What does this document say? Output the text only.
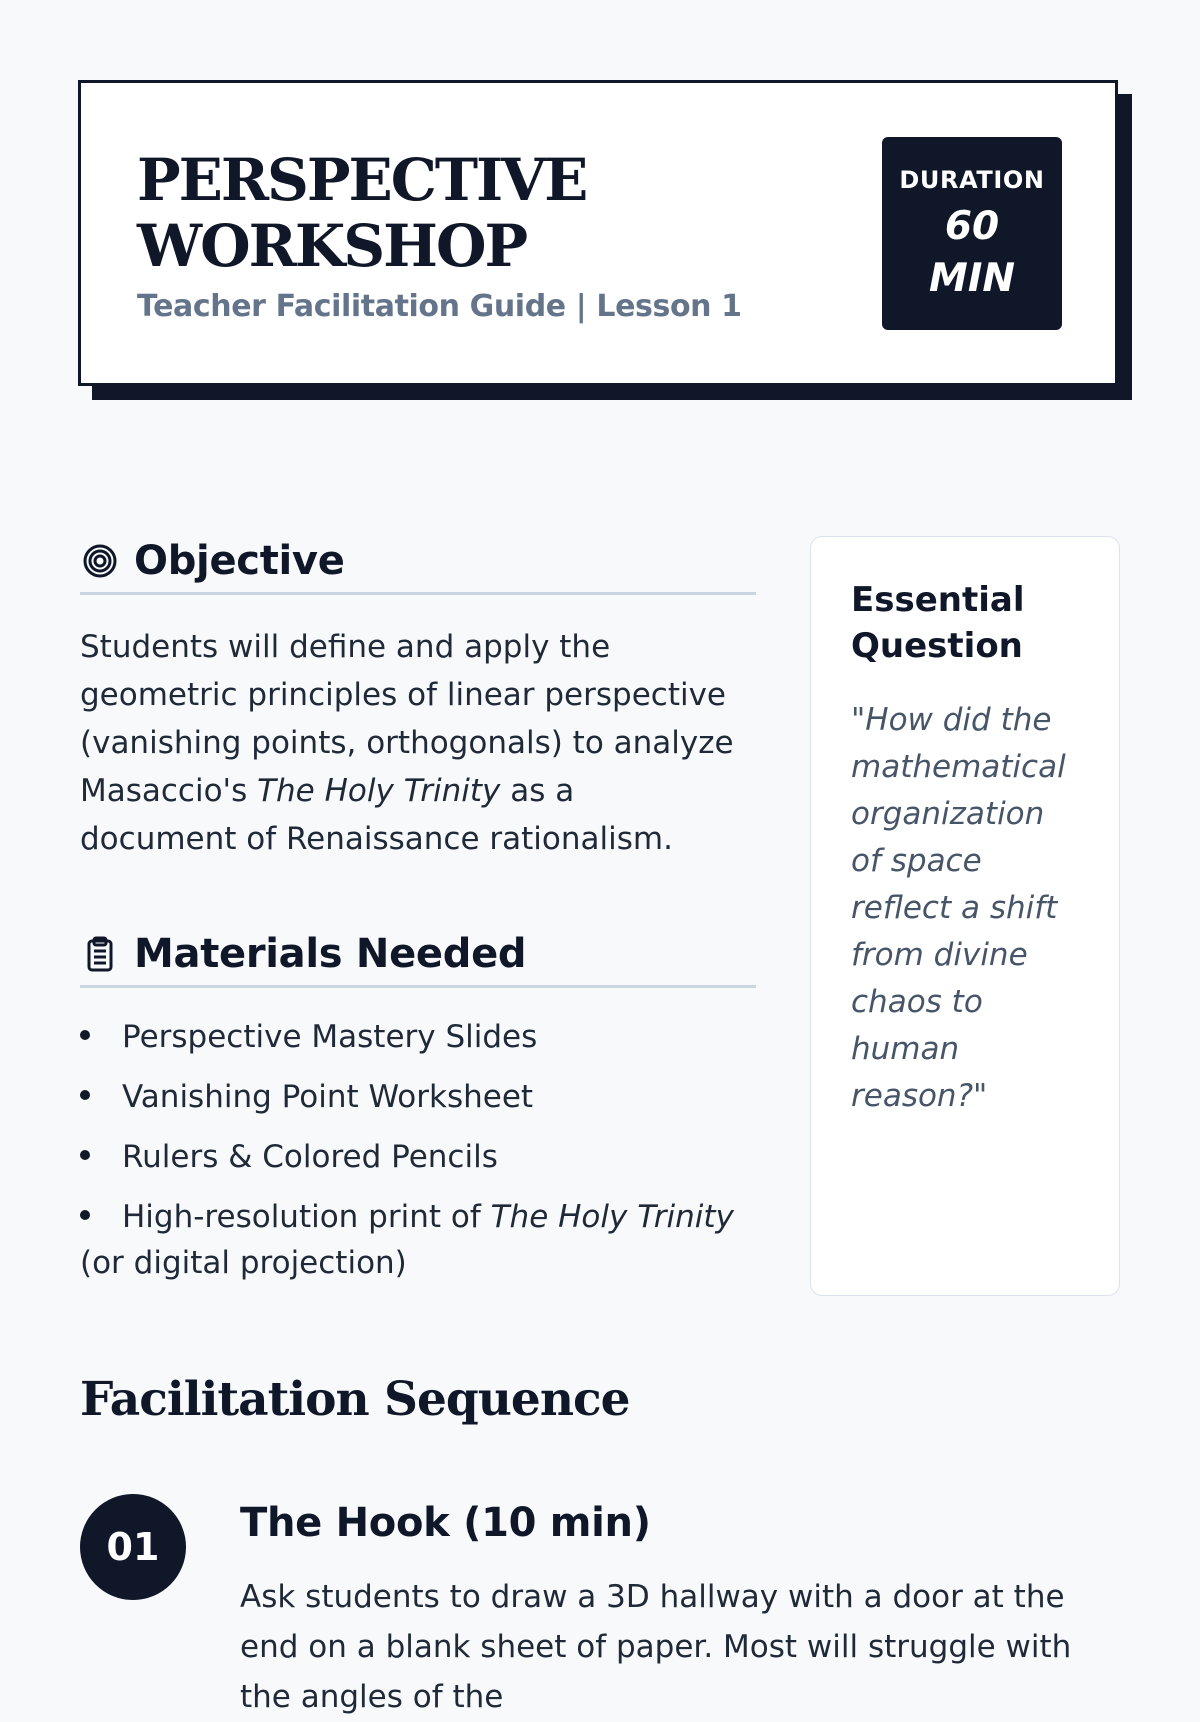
PERSPECTIVE
WORKSHOP

Teacher Facilitation Guide | Lesson 1

DURATION
60 MIN
Objective

Students will define and apply the geometric principles of linear perspective (vanishing points, orthogonals) to analyze Masaccio's The Holy Trinity as a document of Renaissance rationalism.

Materials Needed
Perspective Mastery Slides
Vanishing Point Worksheet
Rulers & Colored Pencils
High-resolution print of The Holy Trinity (or digital projection)
Essential Question

"How did the mathematical organization of space reflect a shift from divine chaos to human reason?"

Facilitation Sequence
01
The Hook (10 min)

Ask students to draw a 3D hallway with a door at the end on a blank sheet of paper. Most will struggle with the angles of the
